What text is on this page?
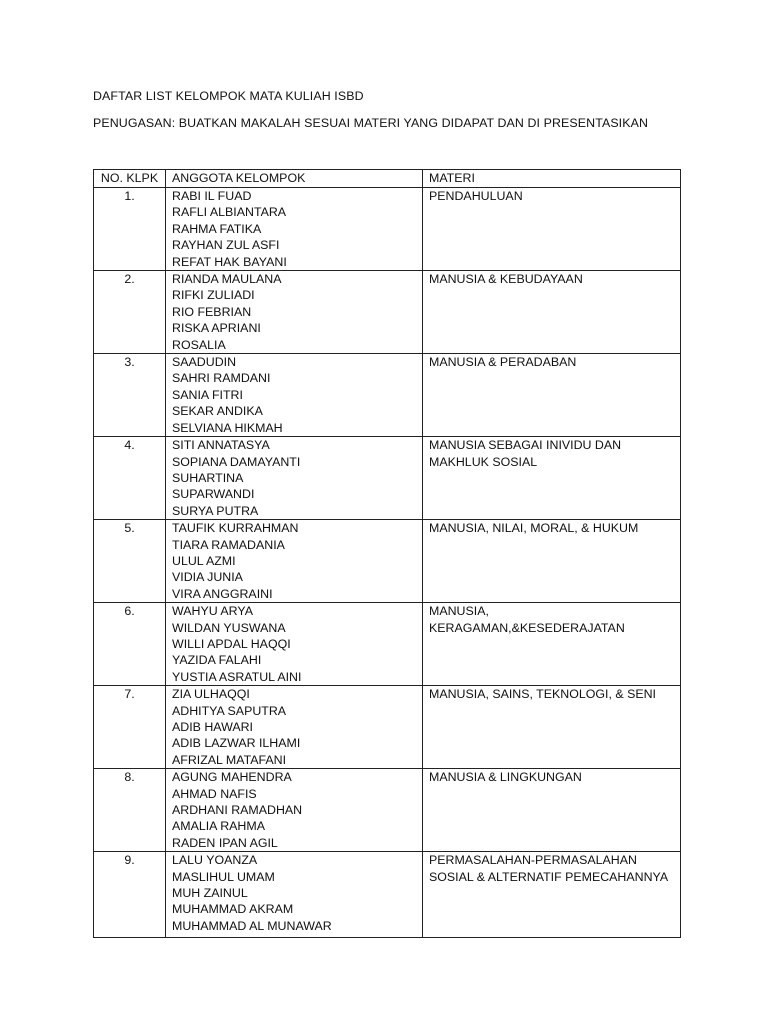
DAFTAR LIST KELOMPOK MATA KULIAH ISBD
PENUGASAN: BUATKAN MAKALAH SESUAI MATERI YANG DIDAPAT DAN DI PRESENTASIKAN
NO. KLPK	ANGGOTA KELOMPOK	MATERI
1.	RABI IL FUAD
RAFLI ALBIANTARA
RAHMA FATIKA
RAYHAN ZUL ASFI
REFAT HAK BAYANI	PENDAHULUAN

2.	RIANDA MAULANA
RIFKI ZULIADI
RIO FEBRIAN
RISKA APRIANI
ROSALIA	MANUSIA & KEBUDAYAAN

3.	SAADUDIN
SAHRI RAMDANI
SANIA FITRI
SEKAR ANDIKA
SELVIANA HIKMAH	MANUSIA & PERADABAN

4.	SITI ANNATASYA
SOPIANA DAMAYANTI
SUHARTINA
SUPARWANDI
SURYA PUTRA	MANUSIA SEBAGAI INIVIDU DAN MAKHLUK SOSIAL

5.	TAUFIK KURRAHMAN
TIARA RAMADANIA
ULUL AZMI
VIDIA JUNIA
VIRA ANGGRAINI	MANUSIA, NILAI, MORAL, & HUKUM

6.	WAHYU ARYA
WILDAN YUSWANA
WILLI APDAL HAQQI
YAZIDA FALAHI
YUSTIA ASRATUL AINI	MANUSIA, KERAGAMAN,&KESEDERAJATAN

7.	ZIA ULHAQQI
ADHITYA SAPUTRA
ADIB HAWARI
ADIB LAZWAR ILHAMI
AFRIZAL MATAFANI	MANUSIA, SAINS, TEKNOLOGI, & SENI

8.	AGUNG MAHENDRA
AHMAD NAFIS
ARDHANI RAMADHAN
AMALIA RAHMA
RADEN IPAN AGIL	MANUSIA & LINGKUNGAN

9.	LALU YOANZA
MASLIHUL UMAM
MUH ZAINUL
MUHAMMAD AKRAM
MUHAMMAD AL MUNAWAR	PERMASALAHAN-PERMASALAHAN SOSIAL & ALTERNATIF PEMECAHANNYA
